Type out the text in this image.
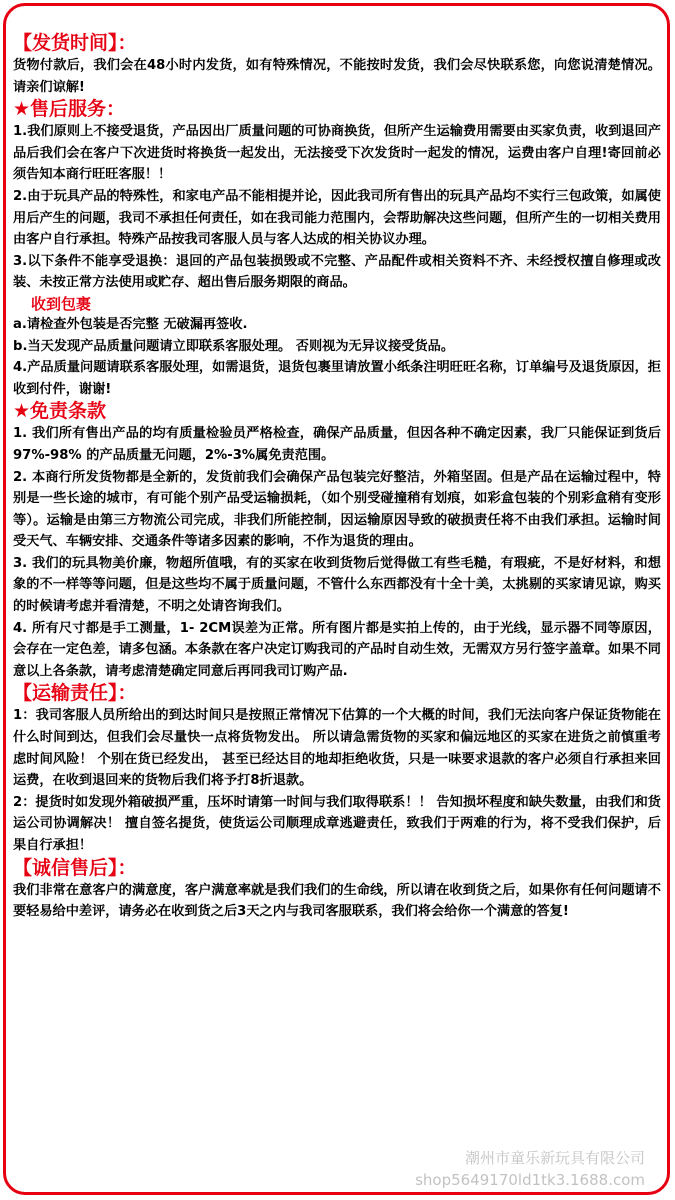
【发货时间】：

货物付款后，我们会在48小时内发货，如有特殊情况，不能按时发货，我们会尽快联系您，向您说清楚情况。请亲们谅解!

★售后服务：

1.我们原则上不接受退货，产品因出厂质量问题的可协商换货，但所产生运输费用需要由买家负责，收到退回产品后我们会在客户下次进货时将换货一起发出，无法接受下次发货时一起发的情况，运费由客户自理!寄回前必须告知本商行旺旺客服！！

2.由于玩具产品的特殊性，和家电产品不能相提并论，因此我司所有售出的玩具产品均不实行三包政策，如属使用后产生的问题，我司不承担任何责任，如在我司能力范围内，会帮助解决这些问题，但所产生的一切相关费用由客户自行承担。特殊产品按我司客服人员与客人达成的相关协议办理。

3.以下条件不能享受退换：退回的产品包装损毁或不完整、产品配件或相关资料不齐、未经授权擅自修理或改装、未按正常方法使用或贮存、超出售后服务期限的商品。

收到包裹

a.请检查外包装是否完整 无破漏再签收.

b.当天发现产品质量问题请立即联系客服处理。 否则视为无异议接受货品。

4.产品质量问题请联系客服处理，如需退货，退货包裹里请放置小纸条注明旺旺名称，订单编号及退货原因，拒收到付件，谢谢!

★免责条款

1. 我们所有售出产品的均有质量检验员严格检查，确保产品质量，但因各种不确定因素，我厂只能保证到货后97%-98% 的产品质量无问题，2%-3%属免责范围。

2. 本商行所发货物都是全新的，发货前我们会确保产品包装完好整洁，外箱坚固。但是产品在运输过程中，特别是一些长途的城市，有可能个别产品受运输损耗，（如个别受碰撞稍有划痕，如彩盒包装的个别彩盒稍有变形等）。运输是由第三方物流公司完成，非我们所能控制，因运输原因导致的破损责任将不由我们承担。运输时间受天气、车辆安排、交通条件等诸多因素的影响，不作为退货的理由。

3. 我们的玩具物美价廉，物超所值哦，有的买家在收到货物后觉得做工有些毛糙，有瑕疵，不是好材料，和想象的不一样等等问题，但是这些均不属于质量问题，不管什么东西都没有十全十美，太挑剔的买家请见谅，购买的时候请考虑并看清楚，不明之处请咨询我们。

4. 所有尺寸都是手工测量，1- 2CM误差为正常。所有图片都是实拍上传的，由于光线，显示器不同等原因，会存在一定色差，请多包涵。本条款在客户决定订购我司的产品时自动生效，无需双方另行签字盖章。如果不同意以上各条款，请考虑清楚确定同意后再同我司订购产品.

【运输责任】：

1：我司客服人员所给出的到达时间只是按照正常情况下估算的一个大概的时间，我们无法向客户保证货物能在什么时间到达，但我们会尽量快一点将货物发出。 所以请急需货物的买家和偏远地区的买家在进货之前慎重考虑时间风险！ 个别在货已经发出， 甚至已经达目的地却拒绝收货，只是一味要求退款的客户必须自行承担来回运费，在收到退回来的货物后我们将予打8折退款。

2：提货时如发现外箱破损严重，压坏时请第一时间与我们取得联系！！ 告知损坏程度和缺失数量，由我们和货运公司协调解决！ 擅自签名提货，使货运公司顺理成章逃避责任，致我们于两难的行为，将不受我们保护，后果自行承担！

【诚信售后】：

我们非常在意客户的满意度，客户满意率就是我们我们的生命线，所以请在收到货之后，如果你有任何问题请不要轻易给中差评，请务必在收到货之后3天之内与我司客服联系，我们将会给你一个满意的答复!

潮州市童乐新玩具有限公司
shop5649170ld1tk3.1688.com
